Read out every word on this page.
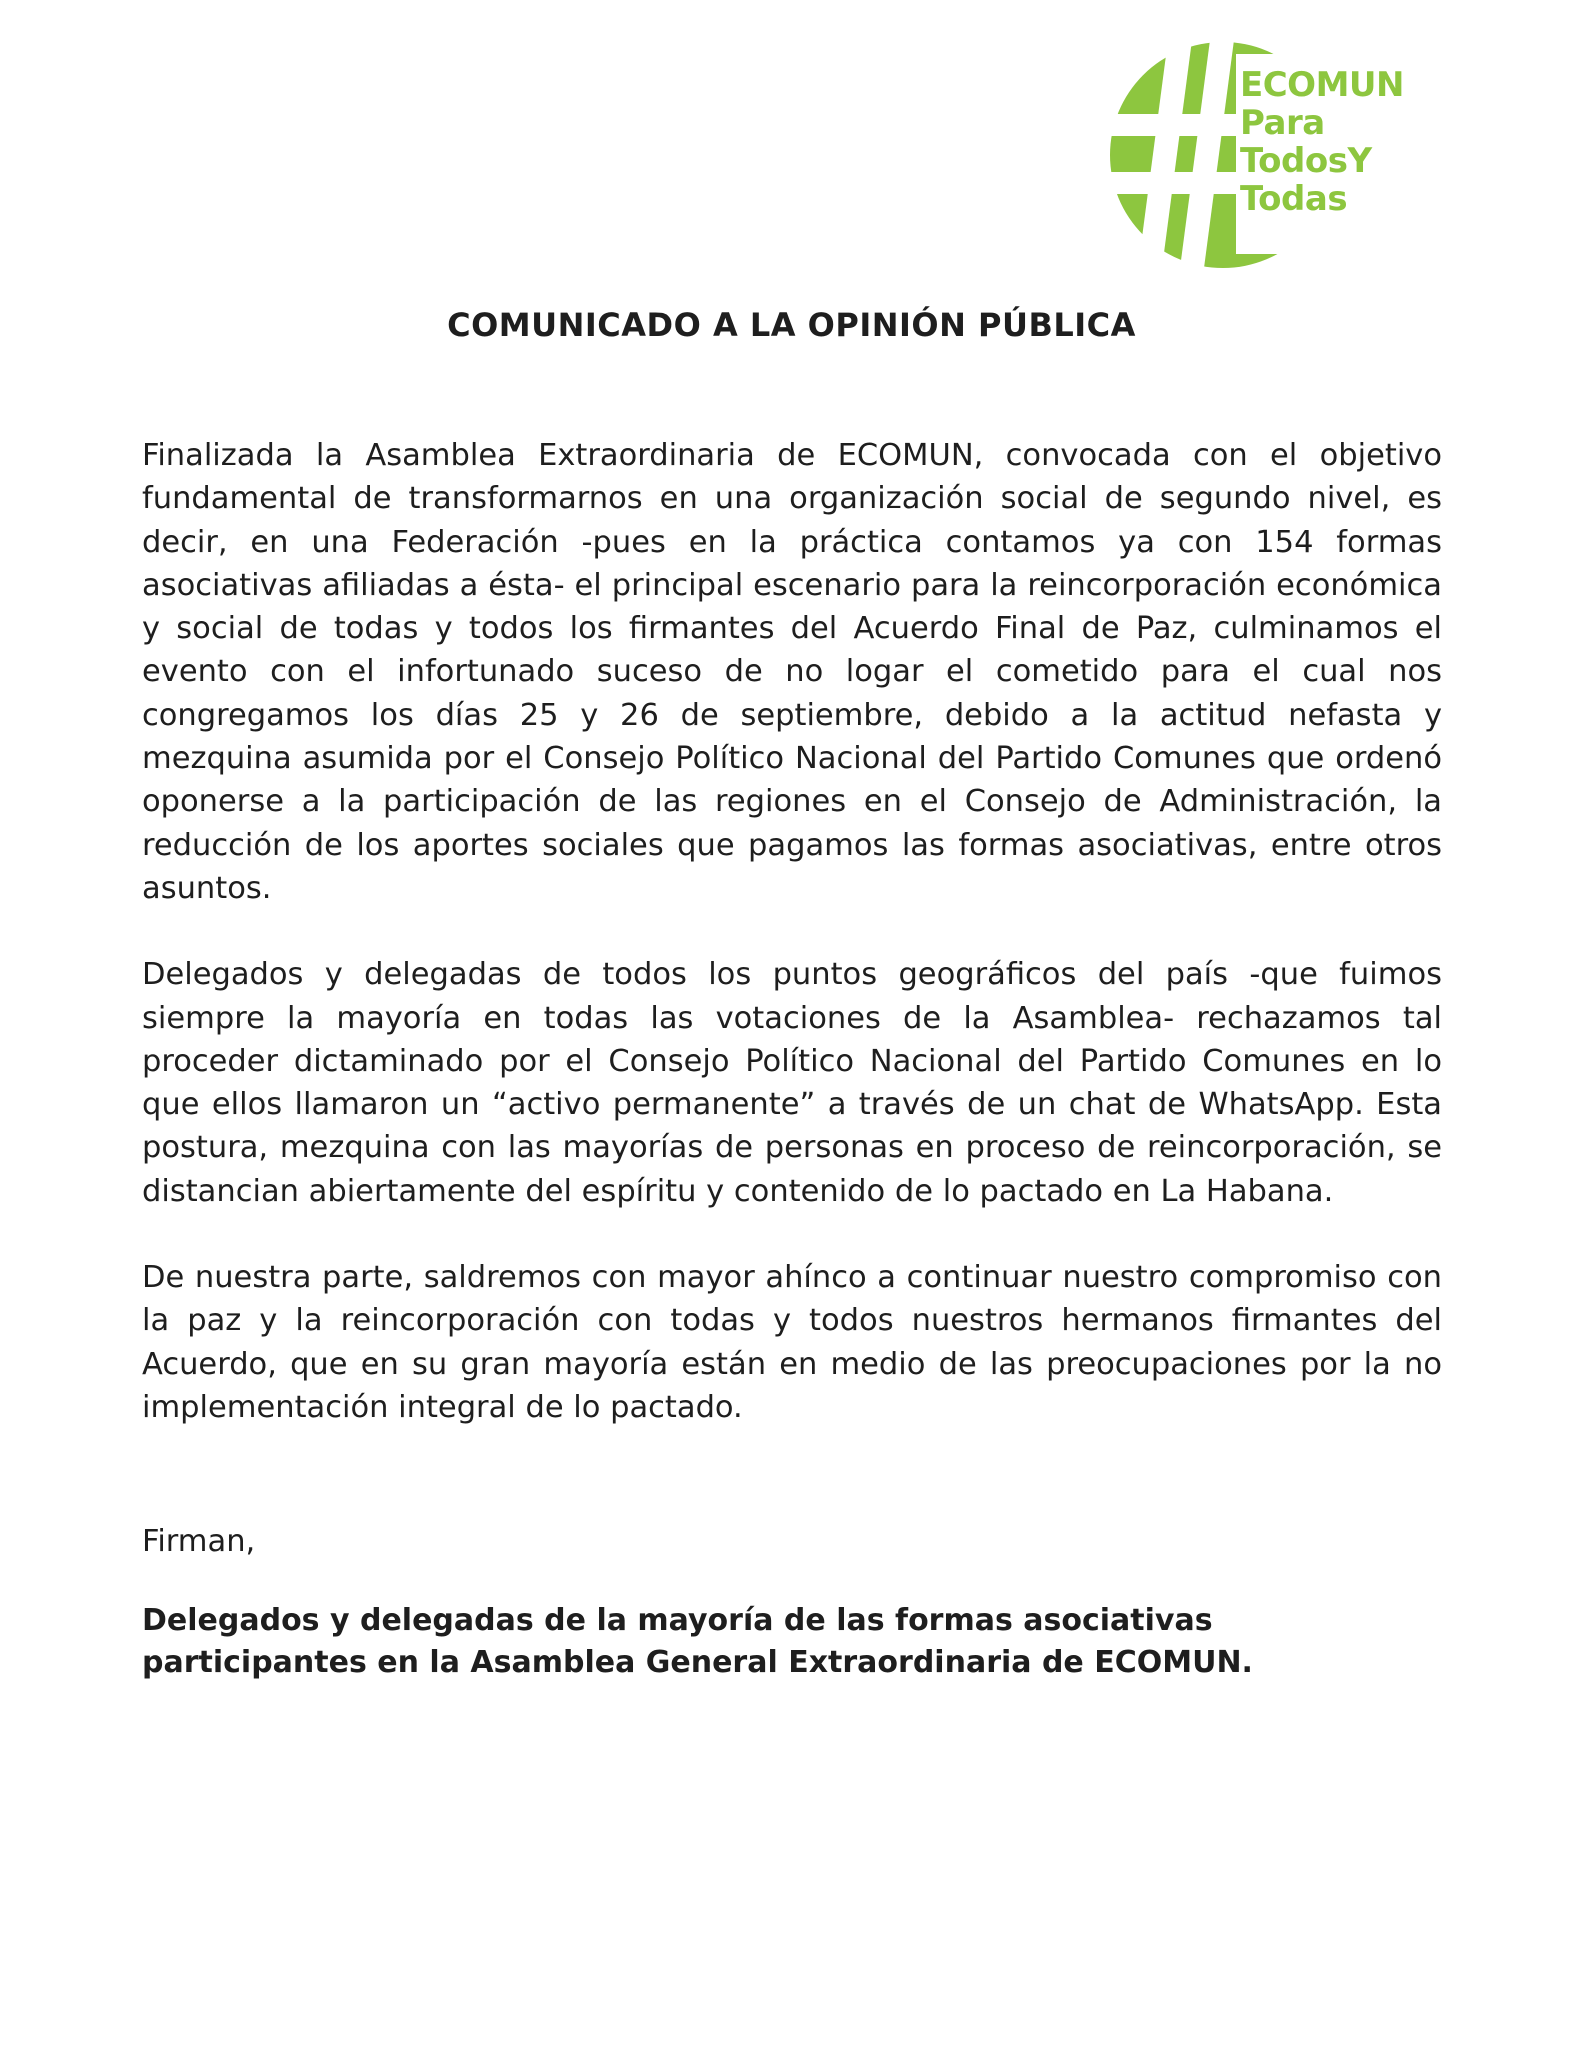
ECOMUN
Para
TodosY
Todas
COMUNICADO A LA OPINIÓN PÚBLICA

Finalizada la Asamblea Extraordinaria de ECOMUN, convocada con el objetivo fundamental de transformarnos en una organización social de segundo nivel, es decir, en una Federación -pues en la práctica contamos ya con 154 formas asociativas afiliadas a ésta- el principal escenario para la reincorporación económica y social de todas y todos los firmantes del Acuerdo Final de Paz, culminamos el evento con el infortunado suceso de no logar el cometido para el cual nos congregamos los días 25 y 26 de septiembre, debido a la actitud nefasta y mezquina asumida por el Consejo Político Nacional del Partido Comunes que ordenó oponerse a la participación de las regiones en el Consejo de Administración, la reducción de los aportes sociales que pagamos las formas asociativas, entre otros asuntos.

Delegados y delegadas de todos los puntos geográficos del país -que fuimos siempre la mayoría en todas las votaciones de la Asamblea- rechazamos tal proceder dictaminado por el Consejo Político Nacional del Partido Comunes en lo que ellos llamaron un “activo permanente” a través de un chat de WhatsApp. Esta postura, mezquina con las mayorías de personas en proceso de reincorporación, se distancian abiertamente del espíritu y contenido de lo pactado en La Habana.

De nuestra parte, saldremos con mayor ahínco a continuar nuestro compromiso con la paz y la reincorporación con todas y todos nuestros hermanos firmantes del Acuerdo, que en su gran mayoría están en medio de las preocupaciones por la no implementación integral de lo pactado.

Firman,

Delegados y delegadas de la mayoría de las formas asociativas participantes en la Asamblea General Extraordinaria de ECOMUN.
